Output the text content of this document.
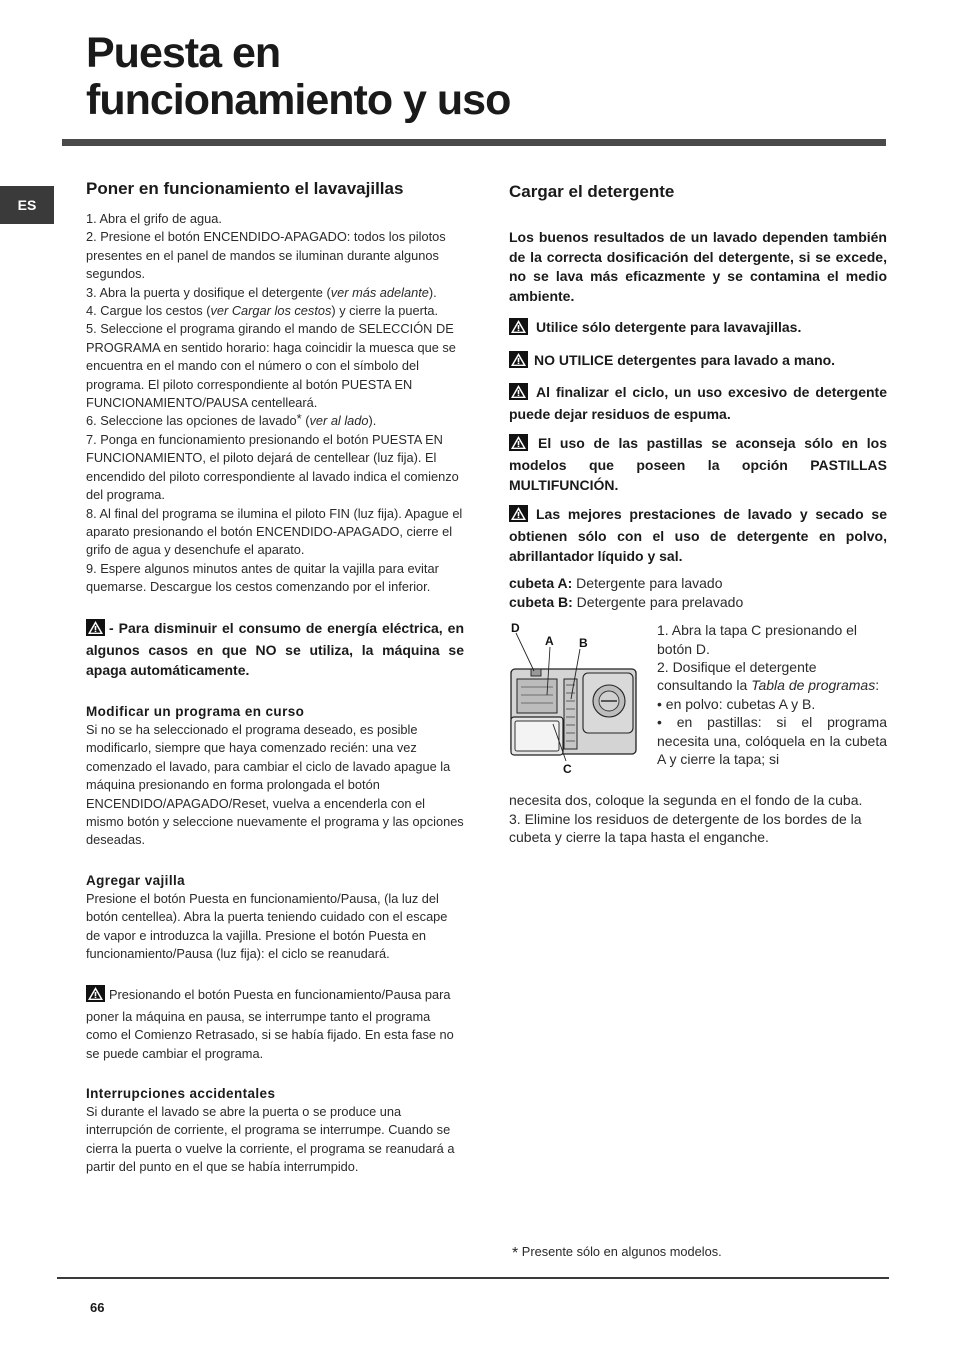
Puesta en
funcionamiento y uso
ES
Poner en funcionamiento el lavavajillas

1. Abra el grifo de agua.

2. Presione el botón ENCENDIDO-APAGADO: todos los pilotos presentes en el panel de mandos se iluminan durante algunos segundos.

3. Abra la puerta y dosifique el detergente (ver más adelante).

4. Cargue los cestos (ver Cargar los cestos) y cierre la puerta.

5. Seleccione el programa girando el mando de SELECCIÓN DE PROGRAMA en sentido horario: haga coincidir la muesca que se encuentra en el mando con el número o con el símbolo del programa. El piloto correspondiente al botón PUESTA EN FUNCIONAMIENTO/PAUSA centelleará.

6. Seleccione las opciones de lavado* (ver al lado).

7. Ponga en funcionamiento presionando el botón PUESTA EN FUNCIONAMIENTO, el piloto dejará de centellear (luz fija). El encendido del piloto correspondiente al lavado indica el comienzo del programa.

8. Al final del programa se ilumina el piloto FIN (luz fija). Apague el aparato presionando el botón ENCENDIDO-APAGADO, cierre el grifo de agua y desenchufe el aparato.

9. Espere algunos minutos antes de quitar la vajilla para evitar quemarse. Descargue los cestos comenzando por el inferior.

- Para disminuir el consumo de energía eléctrica, en algunos casos en que NO se utiliza, la máquina se apaga automáticamente.

Modificar un programa en curso

Si no se ha seleccionado el programa deseado, es posible modificarlo, siempre que haya comenzado recién: una vez comenzado el lavado, para cambiar el ciclo de lavado apague la máquina presionando en forma prolongada el botón ENCENDIDO/APAGADO/Reset, vuelva a encenderla con el mismo botón y seleccione nuevamente el programa y las opciones deseadas.

Agregar vajilla

Presione el botón Puesta en funcionamiento/Pausa, (la luz del botón centellea). Abra la puerta teniendo cuidado con el escape de vapor e introduzca la vajilla. Presione el botón Puesta en funcionamiento/Pausa (luz fija): el ciclo se reanudará.

Presionando el botón Puesta en funcionamiento/Pausa para poner la máquina en pausa, se interrumpe tanto el programa como el Comienzo Retrasado, si se había fijado. En esta fase no se puede cambiar el programa.

Interrupciones accidentales

Si durante el lavado se abre la puerta o se produce una interrupción de corriente, el programa se interrumpe. Cuando se cierra la puerta o vuelve la corriente, el programa se reanudará a partir del punto en el que se había interrumpido.

Cargar el detergente

Los buenos resultados de un lavado dependen también de la correcta dosificación del detergente, si se excede, no se lava más eficazmente y se contamina el medio ambiente.

Utilice sólo detergente para lavavajillas.

NO UTILICE detergentes para lavado a mano.

Al finalizar el ciclo, un uso excesivo de detergente puede dejar residuos de espuma.

El uso de las pastillas se aconseja sólo en los modelos que poseen la opción PASTILLAS MULTIFUNCIÓN.

Las mejores prestaciones de lavado y secado se obtienen sólo con el uso de detergente en polvo, abrillantador líquido y sal.

cubeta A: Detergente para lavado

cubeta B: Detergente para prelavado

D
A B
C

1. Abra la tapa C presionando el botón D.

2. Dosifique el detergente consultando la Tabla de programas:

• en polvo: cubetas A y B.

• en pastillas: si el programa necesita una, colóquela en la cubeta A y cierre la tapa; si

necesita dos, coloque la segunda en el fondo de la cuba.

3. Elimine los residuos de detergente de los bordes de la cubeta y cierre la tapa hasta el enganche.

* Presente sólo en algunos modelos.
66
